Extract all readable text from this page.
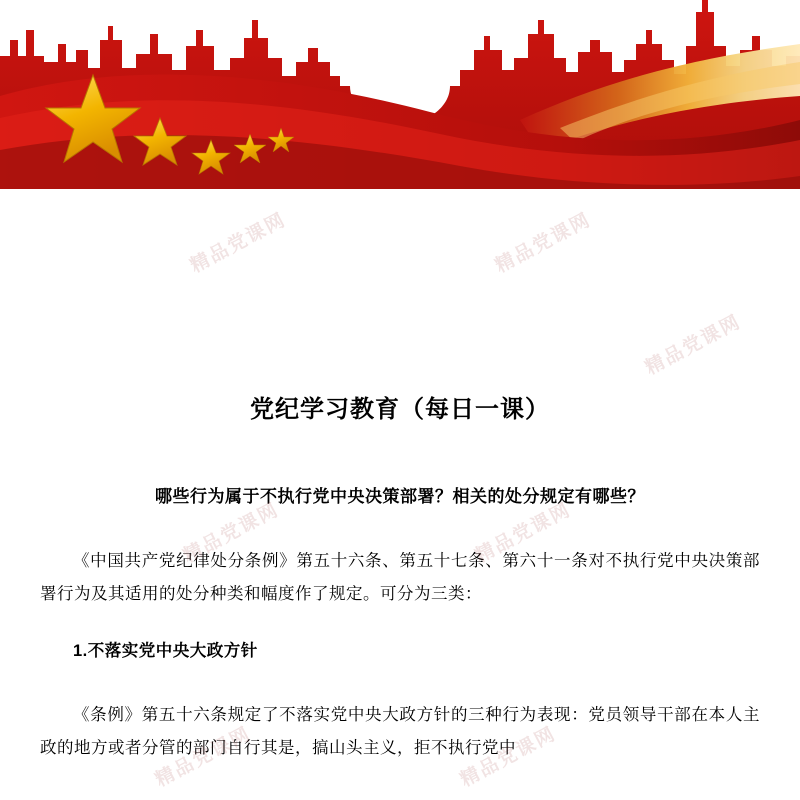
党纪学习教育（每日一课）
哪些行为属于不执行党中央决策部署？相关的处分规定有哪些？
《中国共产党纪律处分条例》第五十六条、第五十七条、第六十一条对不执行党中央决策部署行为及其适用的处分种类和幅度作了规定。可分为三类：
1.不落实党中央大政方针
《条例》第五十六条规定了不落实党中央大政方针的三种行为表现：党员领导干部在本人主政的地方或者分管的部门自行其是，搞山头主义，拒不执行党中
精品党课网	精品党课网
精品党课网
精品党课网	精品党课网
精品党课网	精品党课网
